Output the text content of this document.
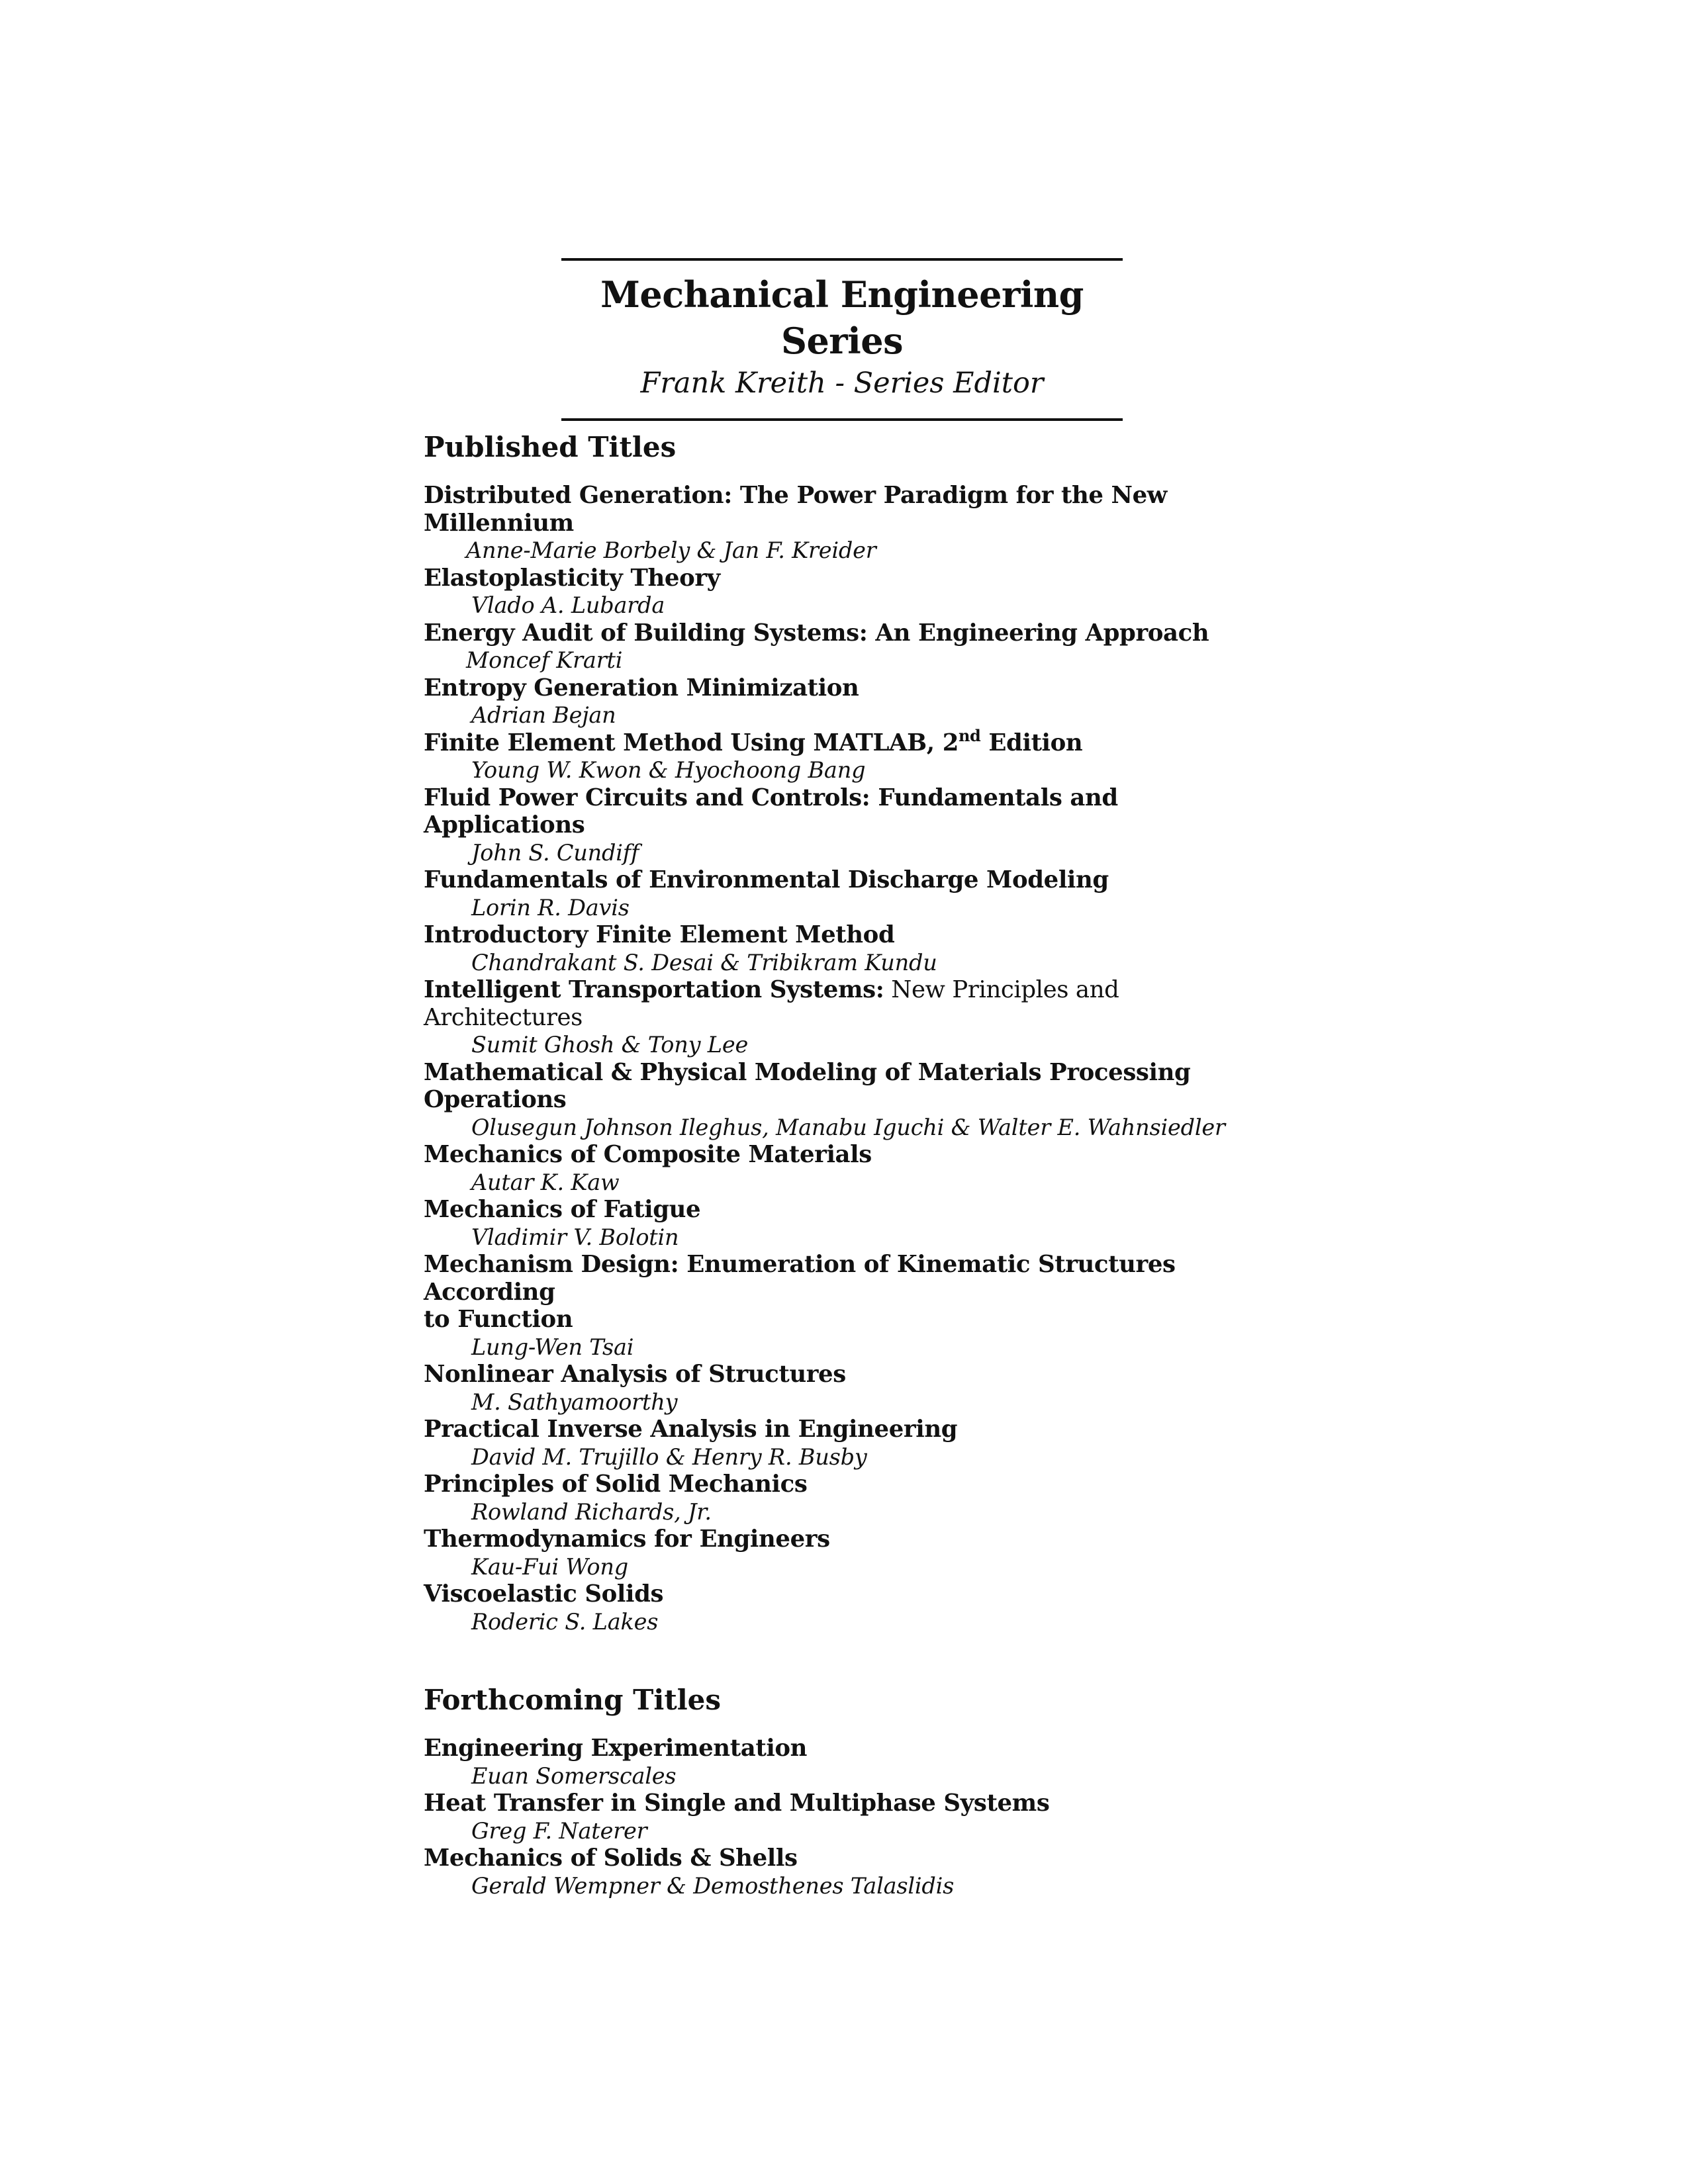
Mechanical Engineering Series
Frank Kreith - Series Editor
Published Titles
Distributed Generation: The Power Paradigm for the New Millennium
Anne-Marie Borbely & Jan F. Kreider
Elastoplasticity Theory
Vlado A. Lubarda
Energy Audit of Building Systems: An Engineering Approach
Moncef Krarti
Entropy Generation Minimization
Adrian Bejan
Finite Element Method Using MATLAB, 2nd Edition
Young W. Kwon & Hyochoong Bang
Fluid Power Circuits and Controls: Fundamentals and Applications
John S. Cundiff
Fundamentals of Environmental Discharge Modeling
Lorin R. Davis
Introductory Finite Element Method
Chandrakant S. Desai & Tribikram Kundu
Intelligent Transportation Systems: New Principles and Architectures
Sumit Ghosh & Tony Lee
Mathematical & Physical Modeling of Materials Processing Operations
Olusegun Johnson Ileghus, Manabu Iguchi & Walter E. Wahnsiedler
Mechanics of Composite Materials
Autar K. Kaw
Mechanics of Fatigue
Vladimir V. Bolotin
Mechanism Design: Enumeration of Kinematic Structures According
to Function
Lung-Wen Tsai
Nonlinear Analysis of Structures
M. Sathyamoorthy
Practical Inverse Analysis in Engineering
David M. Trujillo & Henry R. Busby
Principles of Solid Mechanics
Rowland Richards, Jr.
Thermodynamics for Engineers
Kau-Fui Wong
Viscoelastic Solids
Roderic S. Lakes
Forthcoming Titles
Engineering Experimentation
Euan Somerscales
Heat Transfer in Single and Multiphase Systems
Greg F. Naterer
Mechanics of Solids & Shells
Gerald Wempner & Demosthenes Talaslidis
